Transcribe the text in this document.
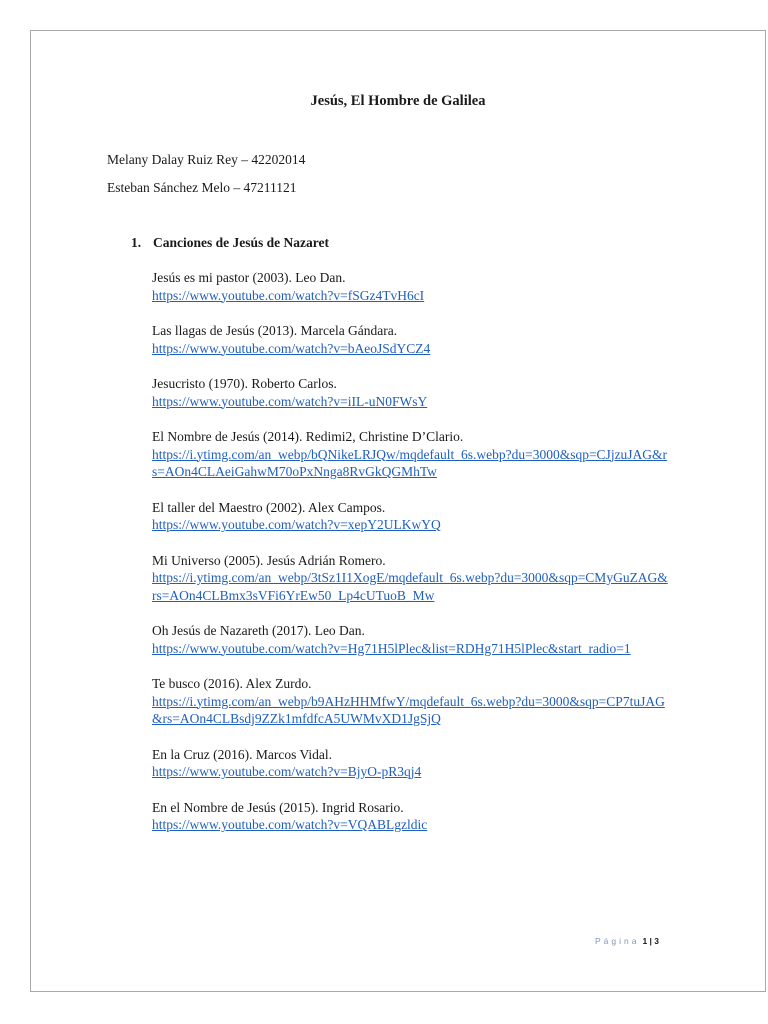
Jesús, El Hombre de Galilea
Melany Dalay Ruiz Rey – 42202014
Esteban Sánchez Melo – 47211121
1. Canciones de Jesús de Nazaret
Jesús es mi pastor (2003). Leo Dan.
https://www.youtube.com/watch?v=fSGz4TvH6cI
Las llagas de Jesús (2013). Marcela Gándara.
https://www.youtube.com/watch?v=bAeoJSdYCZ4
Jesucristo (1970). Roberto Carlos.
https://www.youtube.com/watch?v=iIL-uN0FWsY
El Nombre de Jesús (2014). Redimi2, Christine D’Clario.
https://i.ytimg.com/an_webp/bQNikeLRJQw/mqdefault_6s.webp?du=3000&sqp=CJjzuJAG&rs=AOn4CLAeiGahwM70oPxNnga8RvGkQGMhTw
El taller del Maestro (2002). Alex Campos.
https://www.youtube.com/watch?v=xepY2ULKwYQ
Mi Universo (2005). Jesús Adrián Romero.
https://i.ytimg.com/an_webp/3tSz1I1XogE/mqdefault_6s.webp?du=3000&sqp=CMyGuZAG&rs=AOn4CLBmx3sVFi6YrEw50_Lp4cUTuoB_Mw
Oh Jesús de Nazareth (2017). Leo Dan.
https://www.youtube.com/watch?v=Hg71H5lPlec&list=RDHg71H5lPlec&start_radio=1
Te busco (2016). Alex Zurdo.
https://i.ytimg.com/an_webp/b9AHzHHMfwY/mqdefault_6s.webp?du=3000&sqp=CP7tuJAG&rs=AOn4CLBsdj9ZZk1mfdfcA5UWMvXD1JgSjQ
En la Cruz (2016). Marcos Vidal.
https://www.youtube.com/watch?v=BjyO-pR3qj4
En el Nombre de Jesús (2015). Ingrid Rosario.
https://www.youtube.com/watch?v=VQABLgzldic
Página 1 | 3
